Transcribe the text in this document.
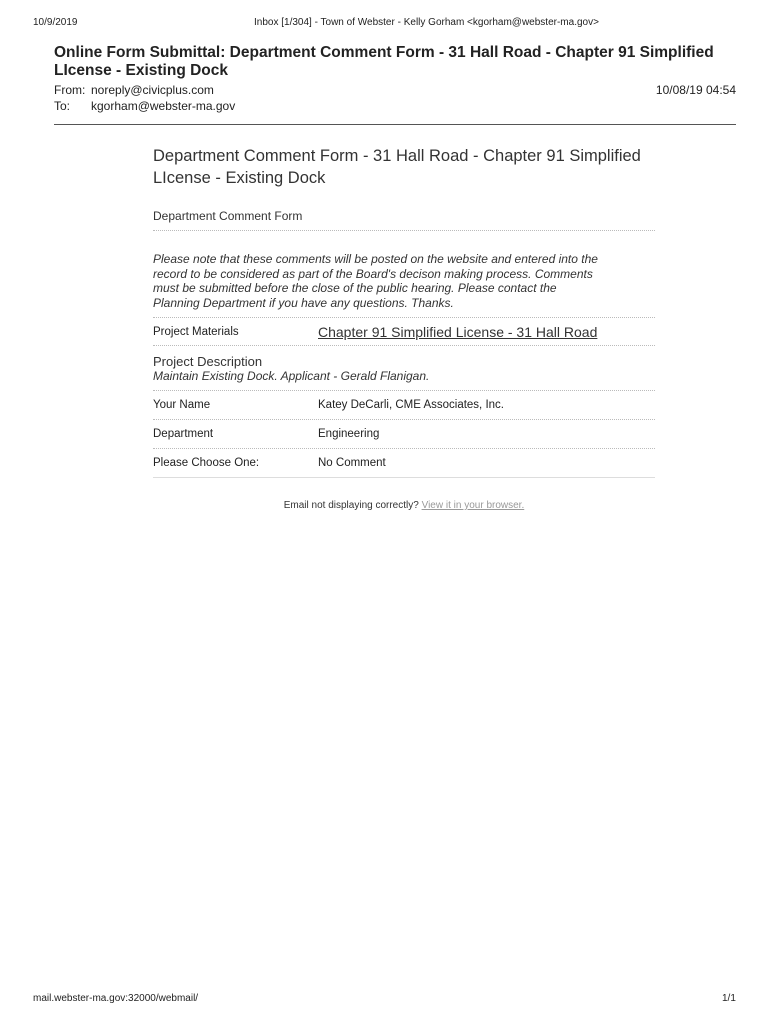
10/9/2019	Inbox [1/304] - Town of Webster - Kelly Gorham <kgorham@webster-ma.gov>
Online Form Submittal: Department Comment Form - 31 Hall Road - Chapter 91 Simplified
LIcense - Existing Dock
From: noreply@civicplus.com	10/08/19 04:54
To: kgorham@webster-ma.gov
Department Comment Form - 31 Hall Road - Chapter 91 Simplified
LIcense - Existing Dock
Department Comment Form
Please note that these comments will be posted on the website and entered into the
record to be considered as part of the Board's decison making process. Comments
must be submitted before the close of the public hearing. Please contact the
Planning Department if you have any questions. Thanks.
Project Materials	Chapter 91 Simplified License - 31 Hall Road
Project Description
Maintain Existing Dock. Applicant - Gerald Flanigan.
Your Name	Katey DeCarli, CME Associates, Inc.
Department	Engineering
Please Choose One:	No Comment
Email not displaying correctly? View it in your browser.
mail.webster-ma.gov:32000/webmail/	1/1
